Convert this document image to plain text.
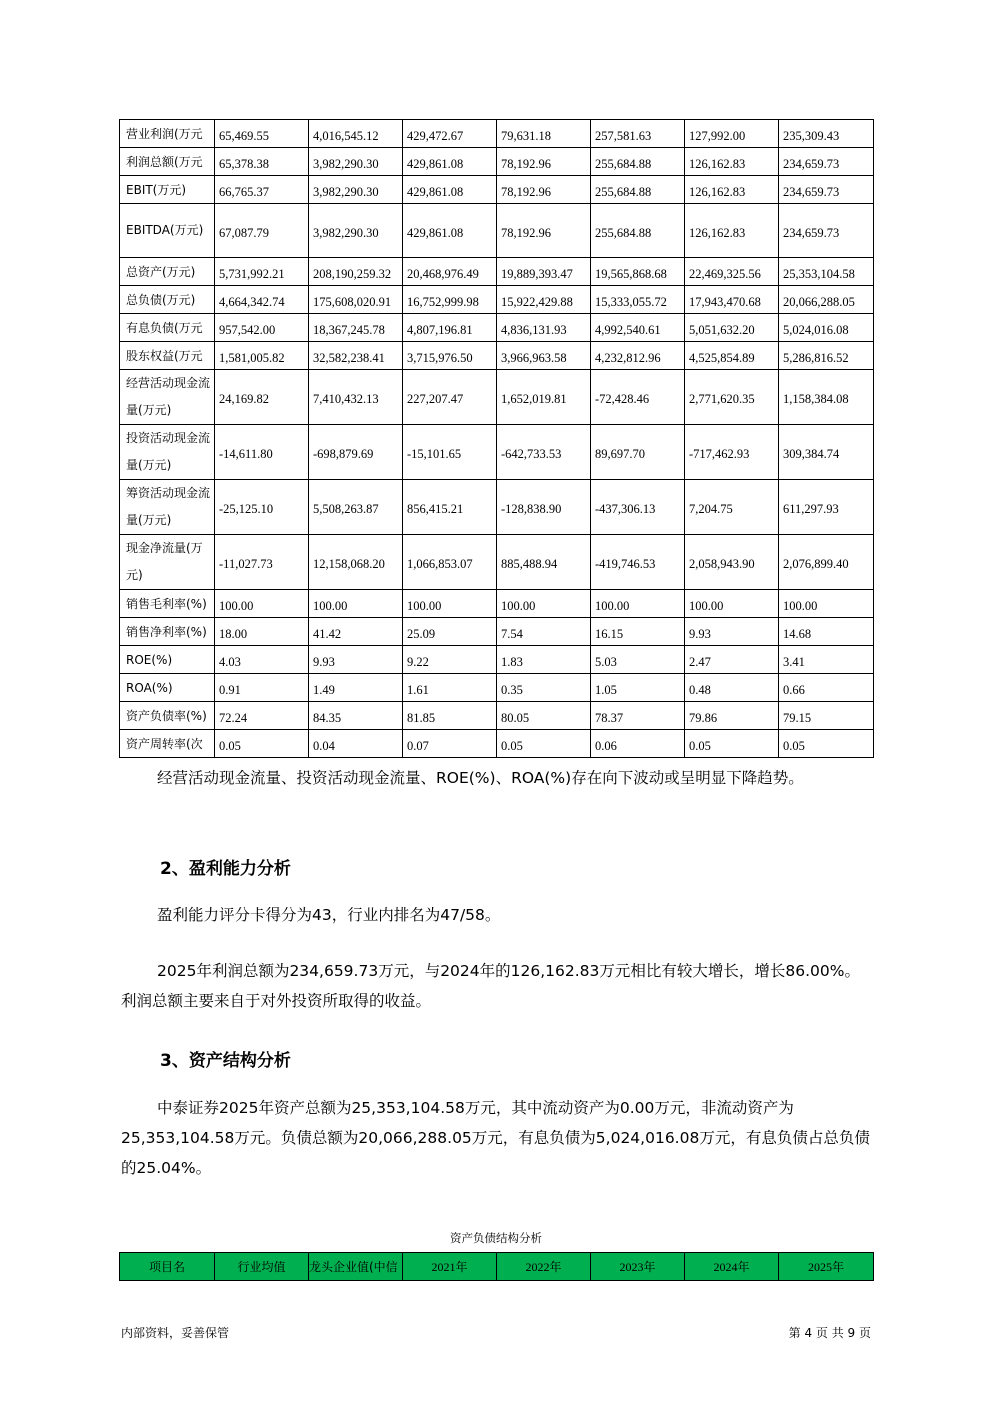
营业利润(万元	65,469.55	4,016,545.12	429,472.67	79,631.18	257,581.63	127,992.00	235,309.43
利润总额(万元	65,378.38	3,982,290.30	429,861.08	78,192.96	255,684.88	126,162.83	234,659.73
EBIT(万元)	66,765.37	3,982,290.30	429,861.08	78,192.96	255,684.88	126,162.83	234,659.73
EBITDA(万元)	67,087.79	3,982,290.30	429,861.08	78,192.96	255,684.88	126,162.83	234,659.73
总资产(万元)	5,731,992.21	208,190,259.32	20,468,976.49	19,889,393.47	19,565,868.68	22,469,325.56	25,353,104.58
总负债(万元)	4,664,342.74	175,608,020.91	16,752,999.98	15,922,429.88	15,333,055.72	17,943,470.68	20,066,288.05
有息负债(万元	957,542.00	18,367,245.78	4,807,196.81	4,836,131.93	4,992,540.61	5,051,632.20	5,024,016.08
股东权益(万元	1,581,005.82	32,582,238.41	3,715,976.50	3,966,963.58	4,232,812.96	4,525,854.89	5,286,816.52
经营活动现金流量(万元)	24,169.82	7,410,432.13	227,207.47	1,652,019.81	-72,428.46	2,771,620.35	1,158,384.08
投资活动现金流量(万元)	-14,611.80	-698,879.69	-15,101.65	-642,733.53	89,697.70	-717,462.93	309,384.74
筹资活动现金流量(万元)	-25,125.10	5,508,263.87	856,415.21	-128,838.90	-437,306.13	7,204.75	611,297.93
现金净流量(万元)	-11,027.73	12,158,068.20	1,066,853.07	885,488.94	-419,746.53	2,058,943.90	2,076,899.40
销售毛利率(%)	100.00	100.00	100.00	100.00	100.00	100.00	100.00
销售净利率(%)	18.00	41.42	25.09	7.54	16.15	9.93	14.68
ROE(%)	4.03	9.93	9.22	1.83	5.03	2.47	3.41
ROA(%)	0.91	1.49	1.61	0.35	1.05	0.48	0.66
资产负债率(%)	72.24	84.35	81.85	80.05	78.37	79.86	79.15
资产周转率(次	0.05	0.04	0.07	0.05	0.06	0.05	0.05

经营活动现金流量、投资活动现金流量、ROE(%)、ROA(%)存在向下波动或呈明显下降趋势。

2、盈利能力分析

盈利能力评分卡得分为43，行业内排名为47/58。

2025年利润总额为234,659.73万元，与2024年的126,162.83万元相比有较大增长，增长86.00%。利润总额主要来自于对外投资所取得的收益。

3、资产结构分析

中泰证券2025年资产总额为25,353,104.58万元，其中流动资产为0.00万元，非流动资产为25,353,104.58万元。负债总额为20,066,288.05万元，有息负债为5,024,016.08万元，有息负债占总负债的25.04%。

资产负债结构分析
项目名	行业均值	龙头企业值(中信	2021年	2022年	2023年	2024年	2025年
内部资料，妥善保管	第 4 页 共 9 页
